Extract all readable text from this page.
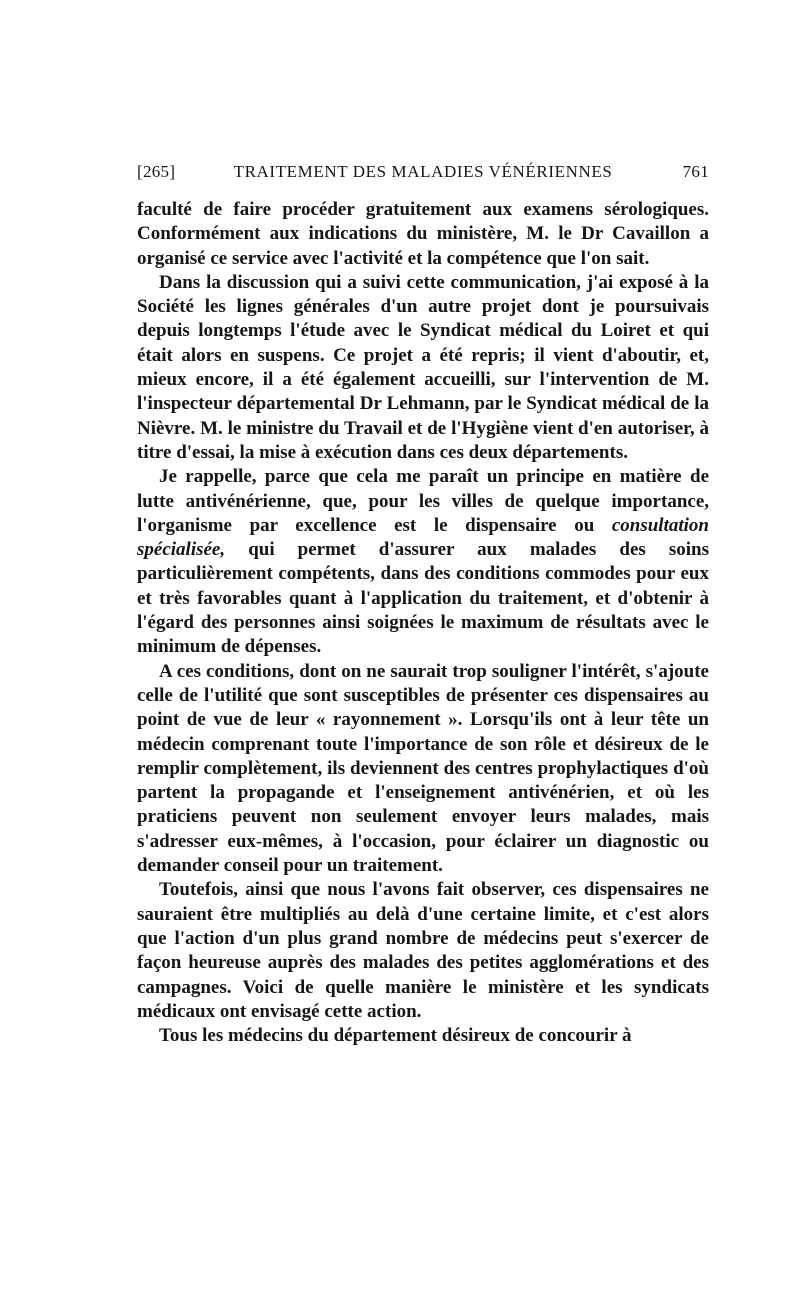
[265]	TRAITEMENT DES MALADIES VÉNÉRIENNES	761

faculté de faire procéder gratuitement aux examens sérologiques. Conformément aux indications du ministère, M. le Dr Cavaillon a organisé ce service avec l'activité et la compétence que l'on sait.

Dans la discussion qui a suivi cette communication, j'ai exposé à la Société les lignes générales d'un autre projet dont je poursuivais depuis longtemps l'étude avec le Syndicat médical du Loiret et qui était alors en suspens. Ce projet a été repris; il vient d'aboutir, et, mieux encore, il a été également accueilli, sur l'intervention de M. l'inspecteur départemental Dr Lehmann, par le Syndicat médical de la Nièvre. M. le ministre du Travail et de l'Hygiène vient d'en autoriser, à titre d'essai, la mise à exécution dans ces deux départements.

Je rappelle, parce que cela me paraît un principe en matière de lutte antivénérienne, que, pour les villes de quelque importance, l'organisme par excellence est le dispensaire ou consultation spécialisée, qui permet d'assurer aux malades des soins particulièrement compétents, dans des conditions commodes pour eux et très favorables quant à l'application du traitement, et d'obtenir à l'égard des personnes ainsi soignées le maximum de résultats avec le minimum de dépenses.

A ces conditions, dont on ne saurait trop souligner l'intérêt, s'ajoute celle de l'utilité que sont susceptibles de présenter ces dispensaires au point de vue de leur « rayonnement ». Lorsqu'ils ont à leur tête un médecin comprenant toute l'importance de son rôle et désireux de le remplir complètement, ils deviennent des centres prophylactiques d'où partent la propagande et l'enseignement antivénérien, et où les praticiens peuvent non seulement envoyer leurs malades, mais s'adresser eux-mêmes, à l'occasion, pour éclairer un diagnostic ou demander conseil pour un traitement.

Toutefois, ainsi que nous l'avons fait observer, ces dispensaires ne sauraient être multipliés au delà d'une certaine limite, et c'est alors que l'action d'un plus grand nombre de médecins peut s'exercer de façon heureuse auprès des malades des petites agglomérations et des campagnes. Voici de quelle manière le ministère et les syndicats médicaux ont envisagé cette action.

Tous les médecins du département désireux de concourir à
